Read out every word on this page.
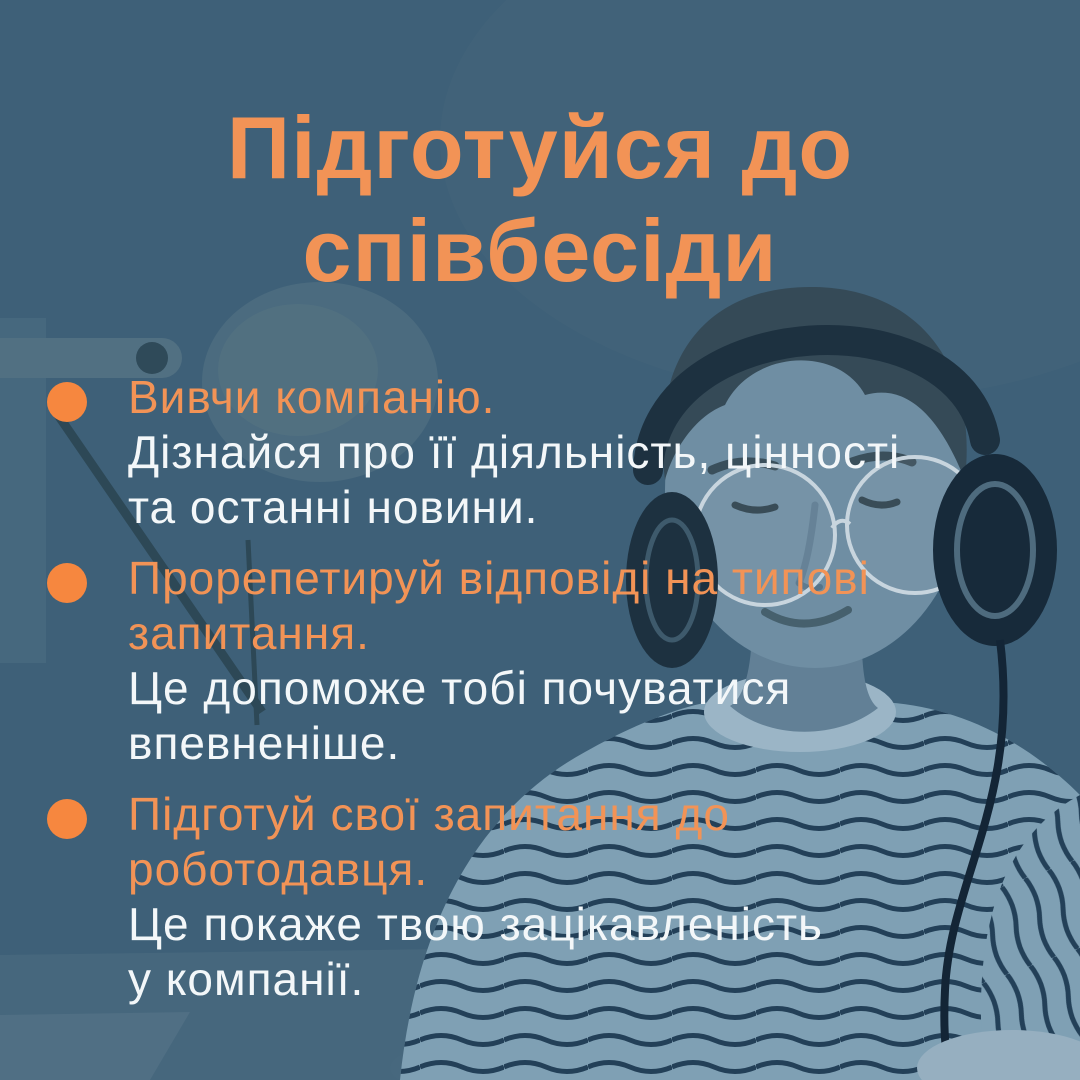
Підготуйся до
співбесіди
Вивчи компанію.
Дізнайся про її діяльність, цінності
та останні новини.
Прорепетируй відповіді на типові
запитання.
Це допоможе тобі почуватися
впевненіше.
Підготуй свої запитання до
роботодавця.
Це покаже твою зацікавленість
у компанії.
